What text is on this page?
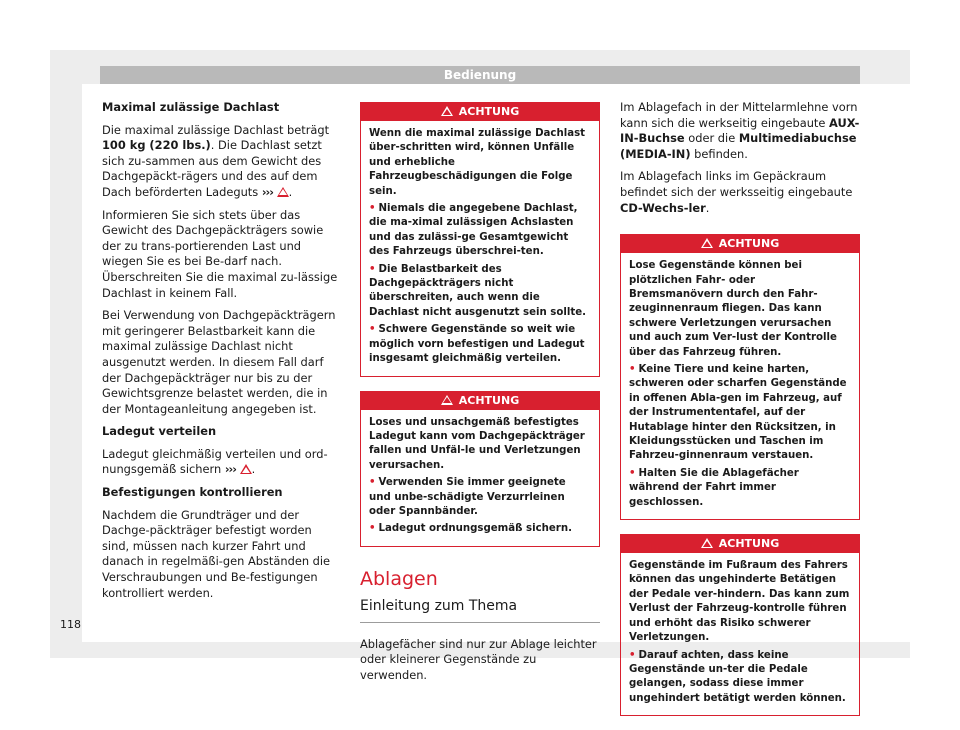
Bedienung

Maximal zulässige Dachlast

Die maximal zulässige Dachlast beträgt 100 kg (220 lbs.). Die Dachlast setzt sich zu-sammen aus dem Gewicht des Dachgepäckt-rägers und des auf dem Dach beförderten Ladeguts ››› .

Informieren Sie sich stets über das Gewicht des Dachgepäckträgers sowie der zu trans-portierenden Last und wiegen Sie es bei Be-darf nach. Überschreiten Sie die maximal zu-lässige Dachlast in keinem Fall.

Bei Verwendung von Dachgepäckträgern mit geringerer Belastbarkeit kann die maximal zulässige Dachlast nicht ausgenutzt werden. In diesem Fall darf der Dachgepäckträger nur bis zu der Gewichtsgrenze belastet werden, die in der Montageanleitung angegeben ist.

Ladegut verteilen

Ladegut gleichmäßig verteilen und ord-nungsgemäß sichern ››› .

Befestigungen kontrollieren

Nachdem die Grundträger und der Dachge-päckträger befestigt worden sind, müssen nach kurzer Fahrt und danach in regelmäßi-gen Abständen die Verschraubungen und Be-festigungen kontrolliert werden.

ACHTUNG

Wenn die maximal zulässige Dachlast über-schritten wird, können Unfälle und erhebliche Fahrzeugbeschädigungen die Folge sein.

• Niemals die angegebene Dachlast, die ma-ximal zulässigen Achslasten und das zulässi-ge Gesamtgewicht des Fahrzeugs überschrei-ten.

• Die Belastbarkeit des Dachgepäckträgers nicht überschreiten, auch wenn die Dachlast nicht ausgenutzt sein sollte.

• Schwere Gegenstände so weit wie möglich vorn befestigen und Ladegut insgesamt gleichmäßig verteilen.

ACHTUNG

Loses und unsachgemäß befestigtes Ladegut kann vom Dachgepäckträger fallen und Unfäl-le und Verletzungen verursachen.

• Verwenden Sie immer geeignete und unbe-schädigte Verzurrleinen oder Spannbänder.

• Ladegut ordnungsgemäß sichern.

Ablagen
Einleitung zum Thema

Ablagefächer sind nur zur Ablage leichter oder kleinerer Gegenstände zu verwenden.

Im Ablagefach in der Mittelarmlehne vorn kann sich die werkseitig eingebaute AUX-IN-Buchse oder die Multimediabuchse (MEDIA-IN) befinden.

Im Ablagefach links im Gepäckraum befindet sich der werksseitig eingebaute CD-Wechs-ler.

ACHTUNG

Lose Gegenstände können bei plötzlichen Fahr- oder Bremsmanövern durch den Fahr-zeuginnenraum fliegen. Das kann schwere Verletzungen verursachen und auch zum Ver-lust der Kontrolle über das Fahrzeug führen.

• Keine Tiere und keine harten, schweren oder scharfen Gegenstände in offenen Abla-gen im Fahrzeug, auf der Instrumententafel, auf der Hutablage hinter den Rücksitzen, in Kleidungsstücken und Taschen im Fahrzeu-ginnenraum verstauen.

• Halten Sie die Ablagefächer während der Fahrt immer geschlossen.

ACHTUNG

Gegenstände im Fußraum des Fahrers können das ungehinderte Betätigen der Pedale ver-hindern. Das kann zum Verlust der Fahrzeug-kontrolle führen und erhöht das Risiko schwerer Verletzungen.

• Darauf achten, dass keine Gegenstände un-ter die Pedale gelangen, sodass diese immer ungehindert betätigt werden können.

118
